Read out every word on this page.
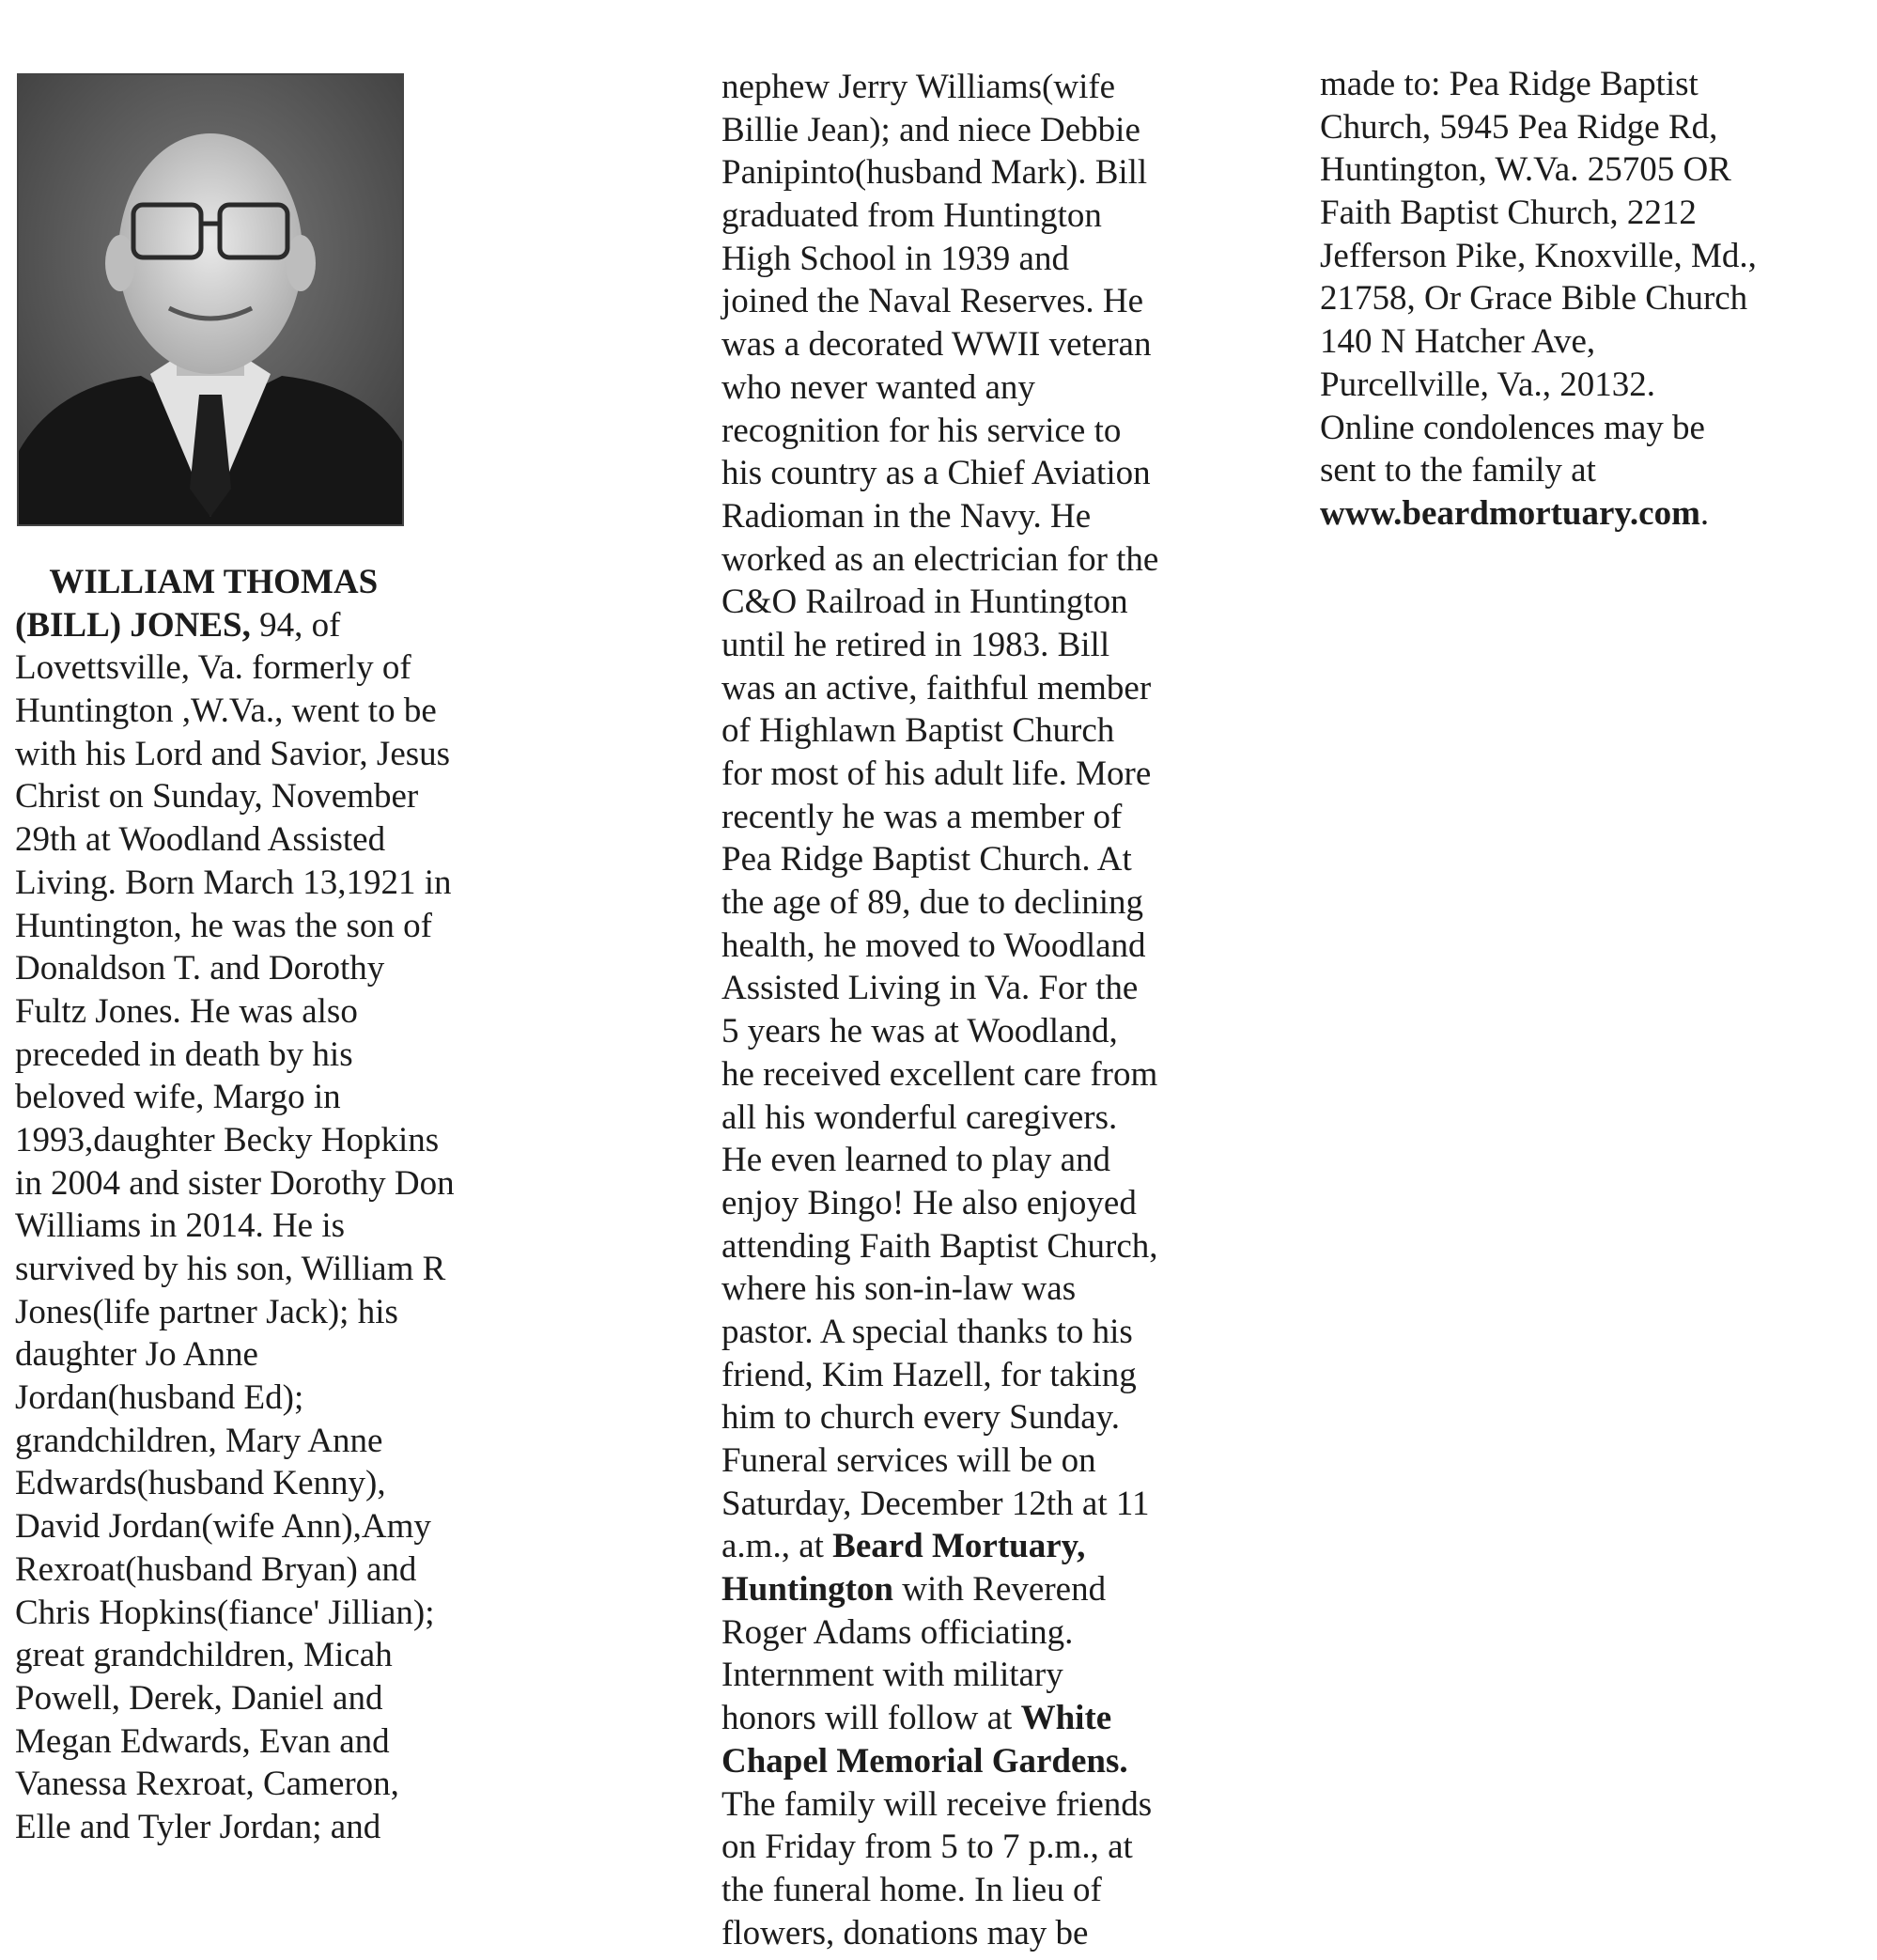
WILLIAM THOMAS
(BILL) JONES, 94, of
Lovettsville, Va. formerly of
Huntington ,W.Va., went to be
with his Lord and Savior, Jesus
Christ on Sunday, November
29th at Woodland Assisted
Living. Born March 13,1921 in
Huntington, he was the son of
Donaldson T. and Dorothy
Fultz Jones. He was also
preceded in death by his
beloved wife, Margo in
1993,daughter Becky Hopkins
in 2004 and sister Dorothy Don
Williams in 2014. He is
survived by his son, William R
Jones(life partner Jack); his
daughter Jo Anne
Jordan(husband Ed);
grandchildren, Mary Anne
Edwards(husband Kenny),
David Jordan(wife Ann),Amy
Rexroat(husband Bryan) and
Chris Hopkins(fiance' Jillian);
great grandchildren, Micah
Powell, Derek, Daniel and
Megan Edwards, Evan and
Vanessa Rexroat, Cameron,
Elle and Tyler Jordan; and
nephew Jerry Williams(wife
Billie Jean); and niece Debbie
Panipinto(husband Mark). Bill
graduated from Huntington
High School in 1939 and
joined the Naval Reserves. He
was a decorated WWII veteran
who never wanted any
recognition for his service to
his country as a Chief Aviation
Radioman in the Navy. He
worked as an electrician for the
C&O Railroad in Huntington
until he retired in 1983. Bill
was an active, faithful member
of Highlawn Baptist Church
for most of his adult life. More
recently he was a member of
Pea Ridge Baptist Church. At
the age of 89, due to declining
health, he moved to Woodland
Assisted Living in Va. For the
5 years he was at Woodland,
he received excellent care from
all his wonderful caregivers.
He even learned to play and
enjoy Bingo! He also enjoyed
attending Faith Baptist Church,
where his son-in-law was
pastor. A special thanks to his
friend, Kim Hazell, for taking
him to church every Sunday.
Funeral services will be on
Saturday, December 12th at 11
a.m., at Beard Mortuary,
Huntington with Reverend
Roger Adams officiating.
Internment with military
honors will follow at White
Chapel Memorial Gardens.
The family will receive friends
on Friday from 5 to 7 p.m., at
the funeral home. In lieu of
flowers, donations may be
made to: Pea Ridge Baptist
Church, 5945 Pea Ridge Rd,
Huntington, W.Va. 25705 OR
Faith Baptist Church, 2212
Jefferson Pike, Knoxville, Md.,
21758, Or Grace Bible Church
140 N Hatcher Ave,
Purcellville, Va., 20132.
Online condolences may be
sent to the family at
www.beardmortuary.com.
